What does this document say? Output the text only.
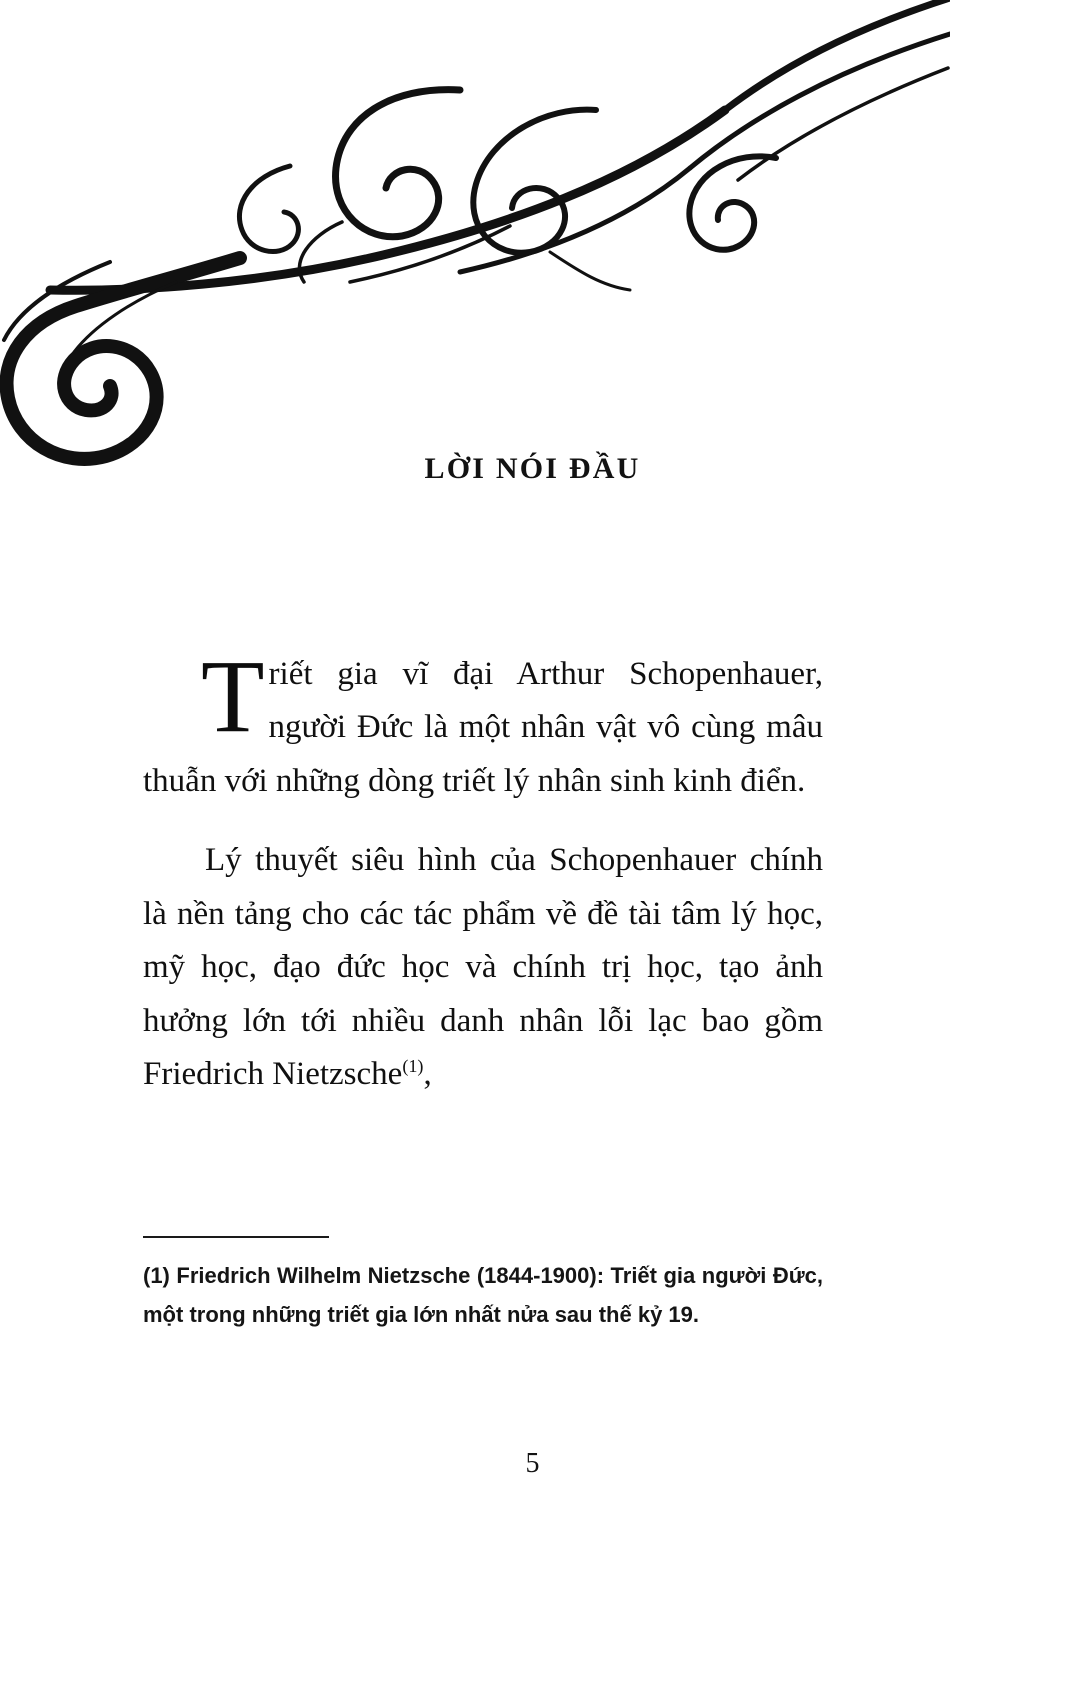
LỜI NÓI ĐẦU

Triết gia vĩ đại Arthur Schopenhauer, người Đức là một nhân vật vô cùng mâu thuẫn với những dòng triết lý nhân sinh kinh điển.

Lý thuyết siêu hình của Schopenhauer chính là nền tảng cho các tác phẩm về đề tài tâm lý học, mỹ học, đạo đức học và chính trị học, tạo ảnh hưởng lớn tới nhiều danh nhân lỗi lạc bao gồm Friedrich Nietzsche$^{(1)}$,

(1) Friedrich Wilhelm Nietzsche (1844-1900): Triết gia người Đức, một trong những triết gia lớn nhất nửa sau thế kỷ 19.
5
